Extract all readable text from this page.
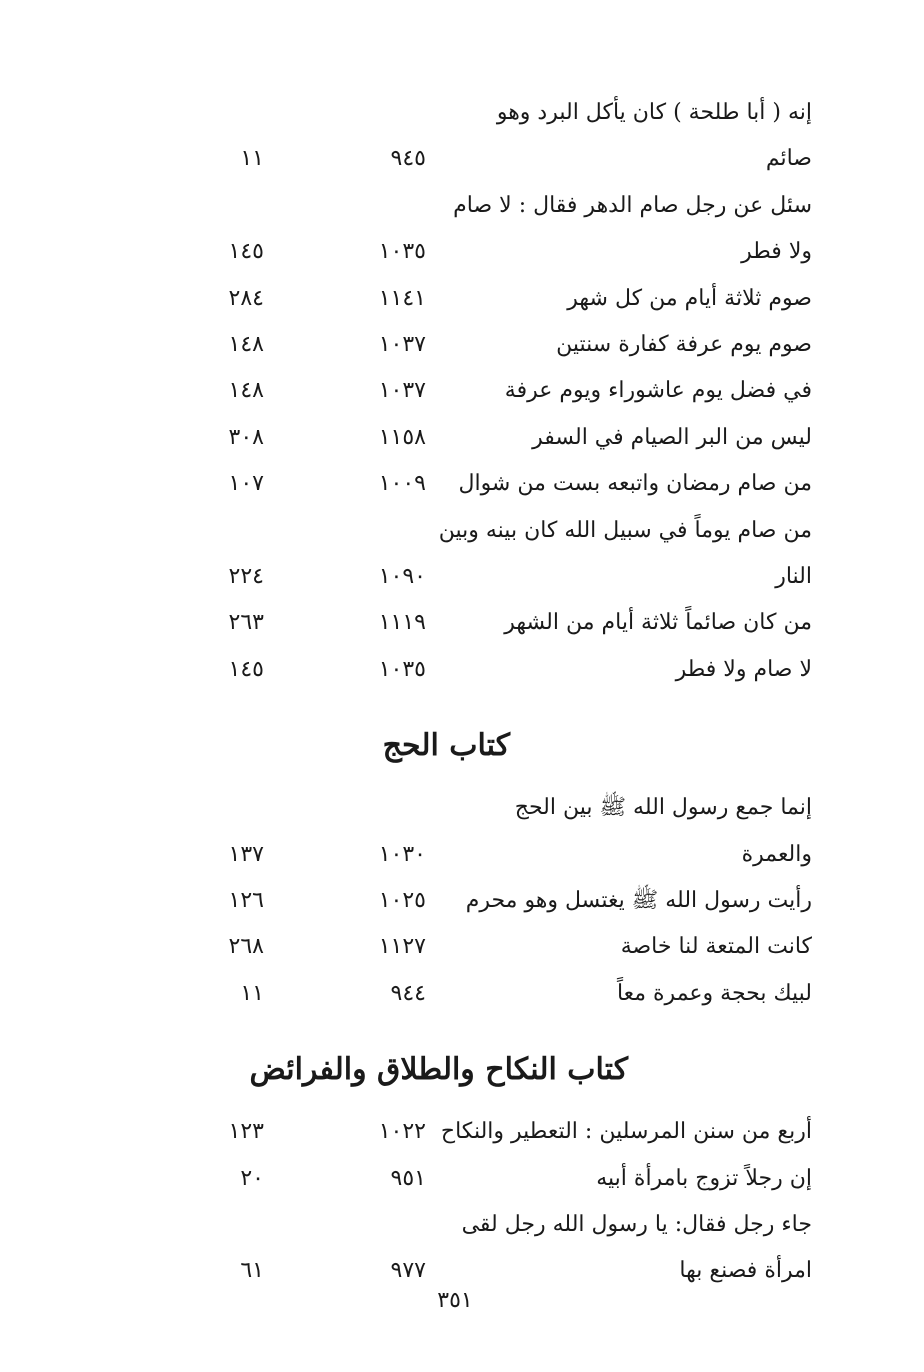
إنه ( أبا طلحة ) كان يأكل البرد وهو
صائم
٩٤٥
١١
سئل عن رجل صام الدهر فقال : لا صام
ولا فطر
١٠٣٥
١٤٥
صوم ثلاثة أيام من كل شهر
١١٤١
٢٨٤
صوم يوم عرفة كفارة سنتين
١٠٣٧
١٤٨
في فضل يوم عاشوراء ويوم عرفة
١٠٣٧
١٤٨
ليس من البر الصيام في السفر
١١٥٨
٣٠٨
من صام رمضان واتبعه بست من شوال
١٠٠٩
١٠٧
من صام يوماً في سبيل الله كان بينه وبين
النار
١٠٩٠
٢٢٤
من كان صائماً ثلاثة أيام من الشهر
١١١٩
٢٦٣
لا صام ولا فطر
١٠٣٥
١٤٥
كتاب الحج
إنما جمع رسول الله ﷺ بين الحج
والعمرة
١٠٣٠
١٣٧
رأيت رسول الله ﷺ يغتسل وهو محرم
١٠٢٥
١٢٦
كانت المتعة لنا خاصة
١١٢٧
٢٦٨
لبيك بحجة وعمرة معاً
٩٤٤
١١
كتاب النكاح والطلاق والفرائض
أربع من سنن المرسلين : التعطير والنكاح
١٠٢٢
١٢٣
إن رجلاً تزوج بامرأة أبيه
٩٥١
٢٠
جاء رجل فقال: يا رسول الله رجل لقى
امرأة فصنع بها
٩٧٧
٦١
٣٥١
